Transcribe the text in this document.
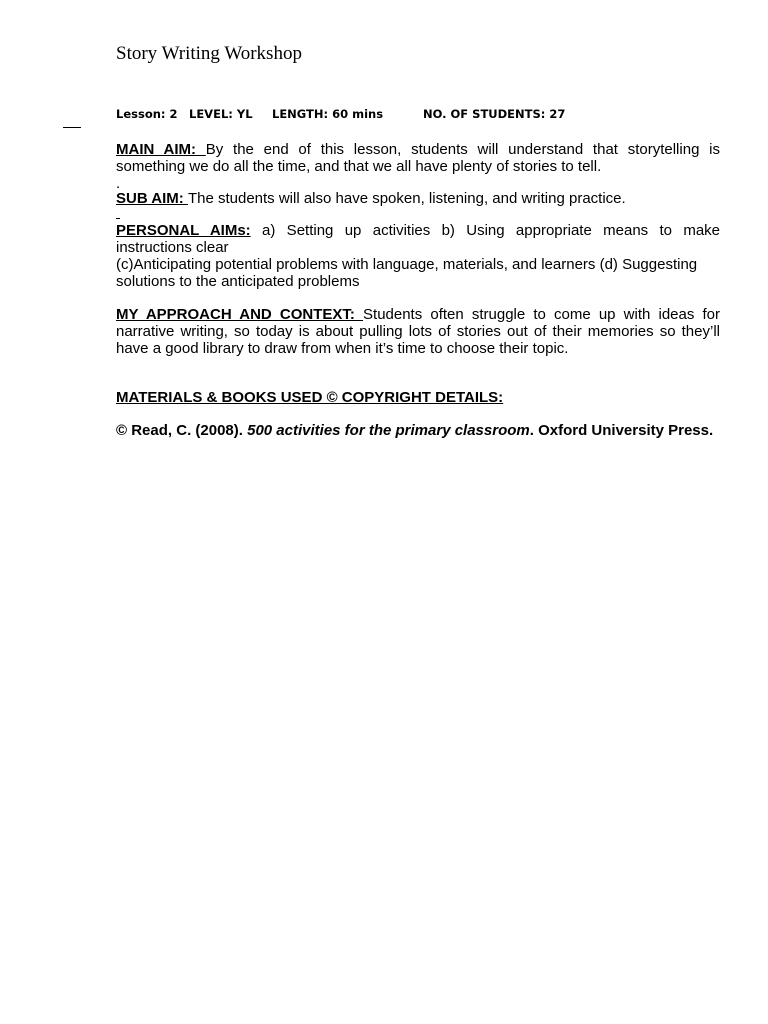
Story Writing Workshop
Lesson: 2 LEVEL: YL LENGTH: 60 mins	NO. OF STUDENTS: 27
MAIN AIM: By the end of this lesson, students will understand that storytelling is something we do all the time, and that we all have plenty of stories to tell.
.
SUB AIM: The students will also have spoken, listening, and writing practice.
PERSONAL AIMs: a) Setting up activities b) Using appropriate means to make instructions clear
(c)Anticipating potential problems with language, materials, and learners (d) Suggesting solutions to the anticipated problems
MY APPROACH AND CONTEXT: Students often struggle to come up with ideas for narrative writing, so today is about pulling lots of stories out of their memories so they’ll have a good library to draw from when it’s time to choose their topic.
MATERIALS & BOOKS USED © COPYRIGHT DETAILS:
© Read, C. (2008). 500 activities for the primary classroom. Oxford University Press.
